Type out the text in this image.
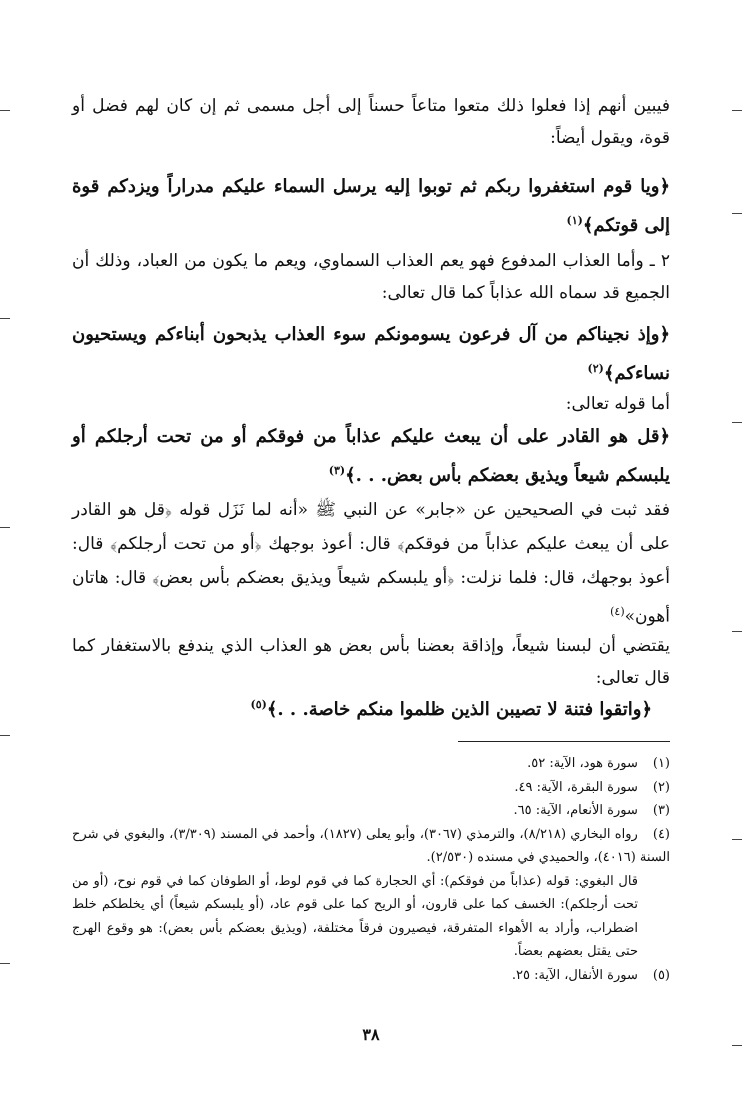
فيبين أنهم إذا فعلوا ذلك متعوا متاعاً حسناً إلى أجل مسمى ثم إن كان لهم فضل أو قوة، ويقول أيضاً:

﴿ويا قوم استغفروا ربكم ثم توبوا إليه يرسل السماء عليكم مدراراً ويزدكم قوة إلى قوتكم﴾$^{(١)}$

٢ ـ وأما العذاب المدفوع فهو يعم العذاب السماوي، ويعم ما يكون من العباد، وذلك أن الجميع قد سماه الله عذاباً كما قال تعالى:

﴿وإذ نجيناكم من آل فرعون يسومونكم سوء العذاب يذبحون أبناءكم ويستحيون نساءكم﴾$^{(٢)}$

أما قوله تعالى:

﴿قل هو القادر على أن يبعث عليكم عذاباً من فوقكم أو من تحت أرجلكم أو يلبسكم شيعاً ويذيق بعضكم بأس بعض. . .﴾$^{(٣)}$

فقد ثبت في الصحيحين عن «جابر» عن النبي ﷺ «أنه لما نَزَل قوله ﴿قل هو القادر على أن يبعث عليكم عذاباً من فوقكم﴾ قال: أعوذ بوجهك ﴿أو من تحت أرجلكم﴾ قال: أعوذ بوجهك، قال: فلما نزلت: ﴿أو يلبسكم شيعاً ويذيق بعضكم بأس بعض﴾ قال: هاتان أهون»$^{(٤)}$

يقتضي أن لبسنا شيعاً، وإذاقة بعضنا بأس بعض هو العذاب الذي يندفع بالاستغفار كما قال تعالى:

﴿واتقوا فتنة لا تصيبن الذين ظلموا منكم خاصة. . .﴾$^{(٥)}$

(١) سورة هود، الآية: ٥٢.
(٢) سورة البقرة، الآية: ٤٩.
(٣) سورة الأنعام، الآية: ٦٥.
(٤) رواه البخاري (٨/٢١٨)، والترمذي (٣٠٦٧)، وأبو يعلى (١٨٢٧)، وأحمد في المسند (٣/٣٠٩)، والبغوي في شرح السنة (٤٠١٦)، والحميدي في مسنده (٢/٥٣٠).
قال البغوي: قوله (عذاباً من فوقكم): أي الحجارة كما في قوم لوط، أو الطوفان كما في قوم نوح، (أو من تحت أرجلكم): الخسف كما على قارون، أو الريح كما على قوم عاد، (أو يلبسكم شيعاً) أي يخلطكم خلط اضطراب، وأراد به الأهواء المتفرقة، فيصيرون فرقاً مختلفة، (ويذيق بعضكم بأس بعض): هو وقوع الهرج حتى يقتل بعضهم بعضاً.
(٥) سورة الأنفال، الآية: ٢٥.
٣٨
